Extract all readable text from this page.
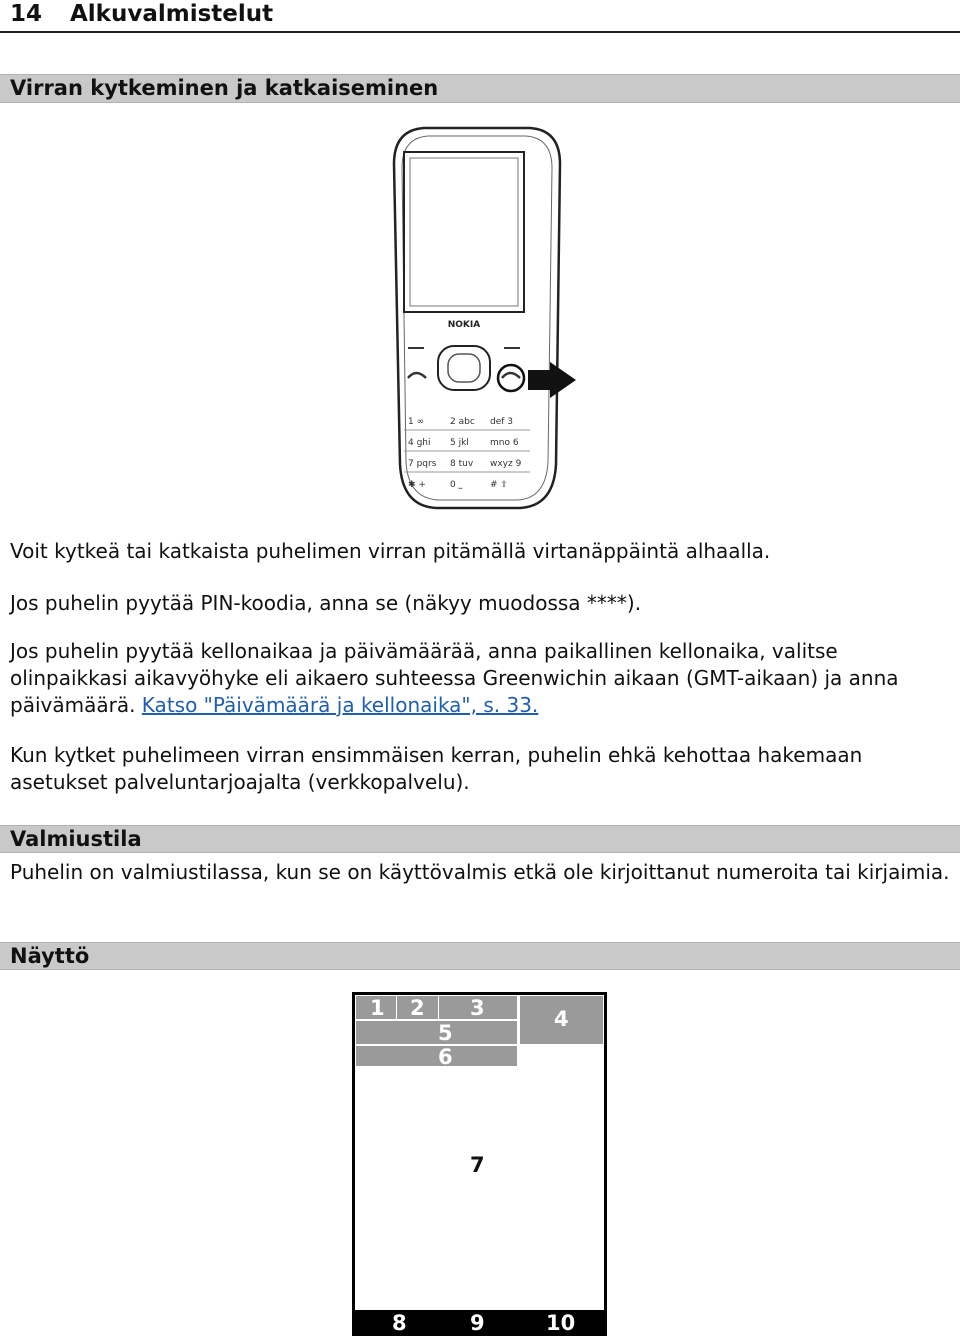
14 Alkuvalmistelut
Virran kytkeminen ja katkaiseminen
NOKIA
1 ∞	2 abc def 3
4 ghi 5 jkl mno 6
7 pqrs 8 tuv wxyz 9
✱ +	0 ⎵	# ⇧

Voit kytkeä tai katkaista puhelimen virran pitämällä virtanäppäintä alhaalla.

Jos puhelin pyytää PIN-koodia, anna se (näkyy muodossa ****).

Jos puhelin pyytää kellonaikaa ja päivämäärää, anna paikallinen kellonaika, valitse olinpaikkasi aikavyöhyke eli aikaero suhteessa Greenwichin aikaan (GMT-aikaan) ja anna päivämäärä. Katso "Päivämäärä ja kellonaika", s. 33.

Kun kytket puhelimeen virran ensimmäisen kerran, puhelin ehkä kehottaa hakemaan asetukset palveluntarjoajalta (verkkopalvelu).

Valmiustila

Puhelin on valmiustilassa, kun se on käyttövalmis etkä ole kirjoittanut numeroita tai kirjaimia.

Näyttö
1 2 3	4
5
6
7
8	9	10
